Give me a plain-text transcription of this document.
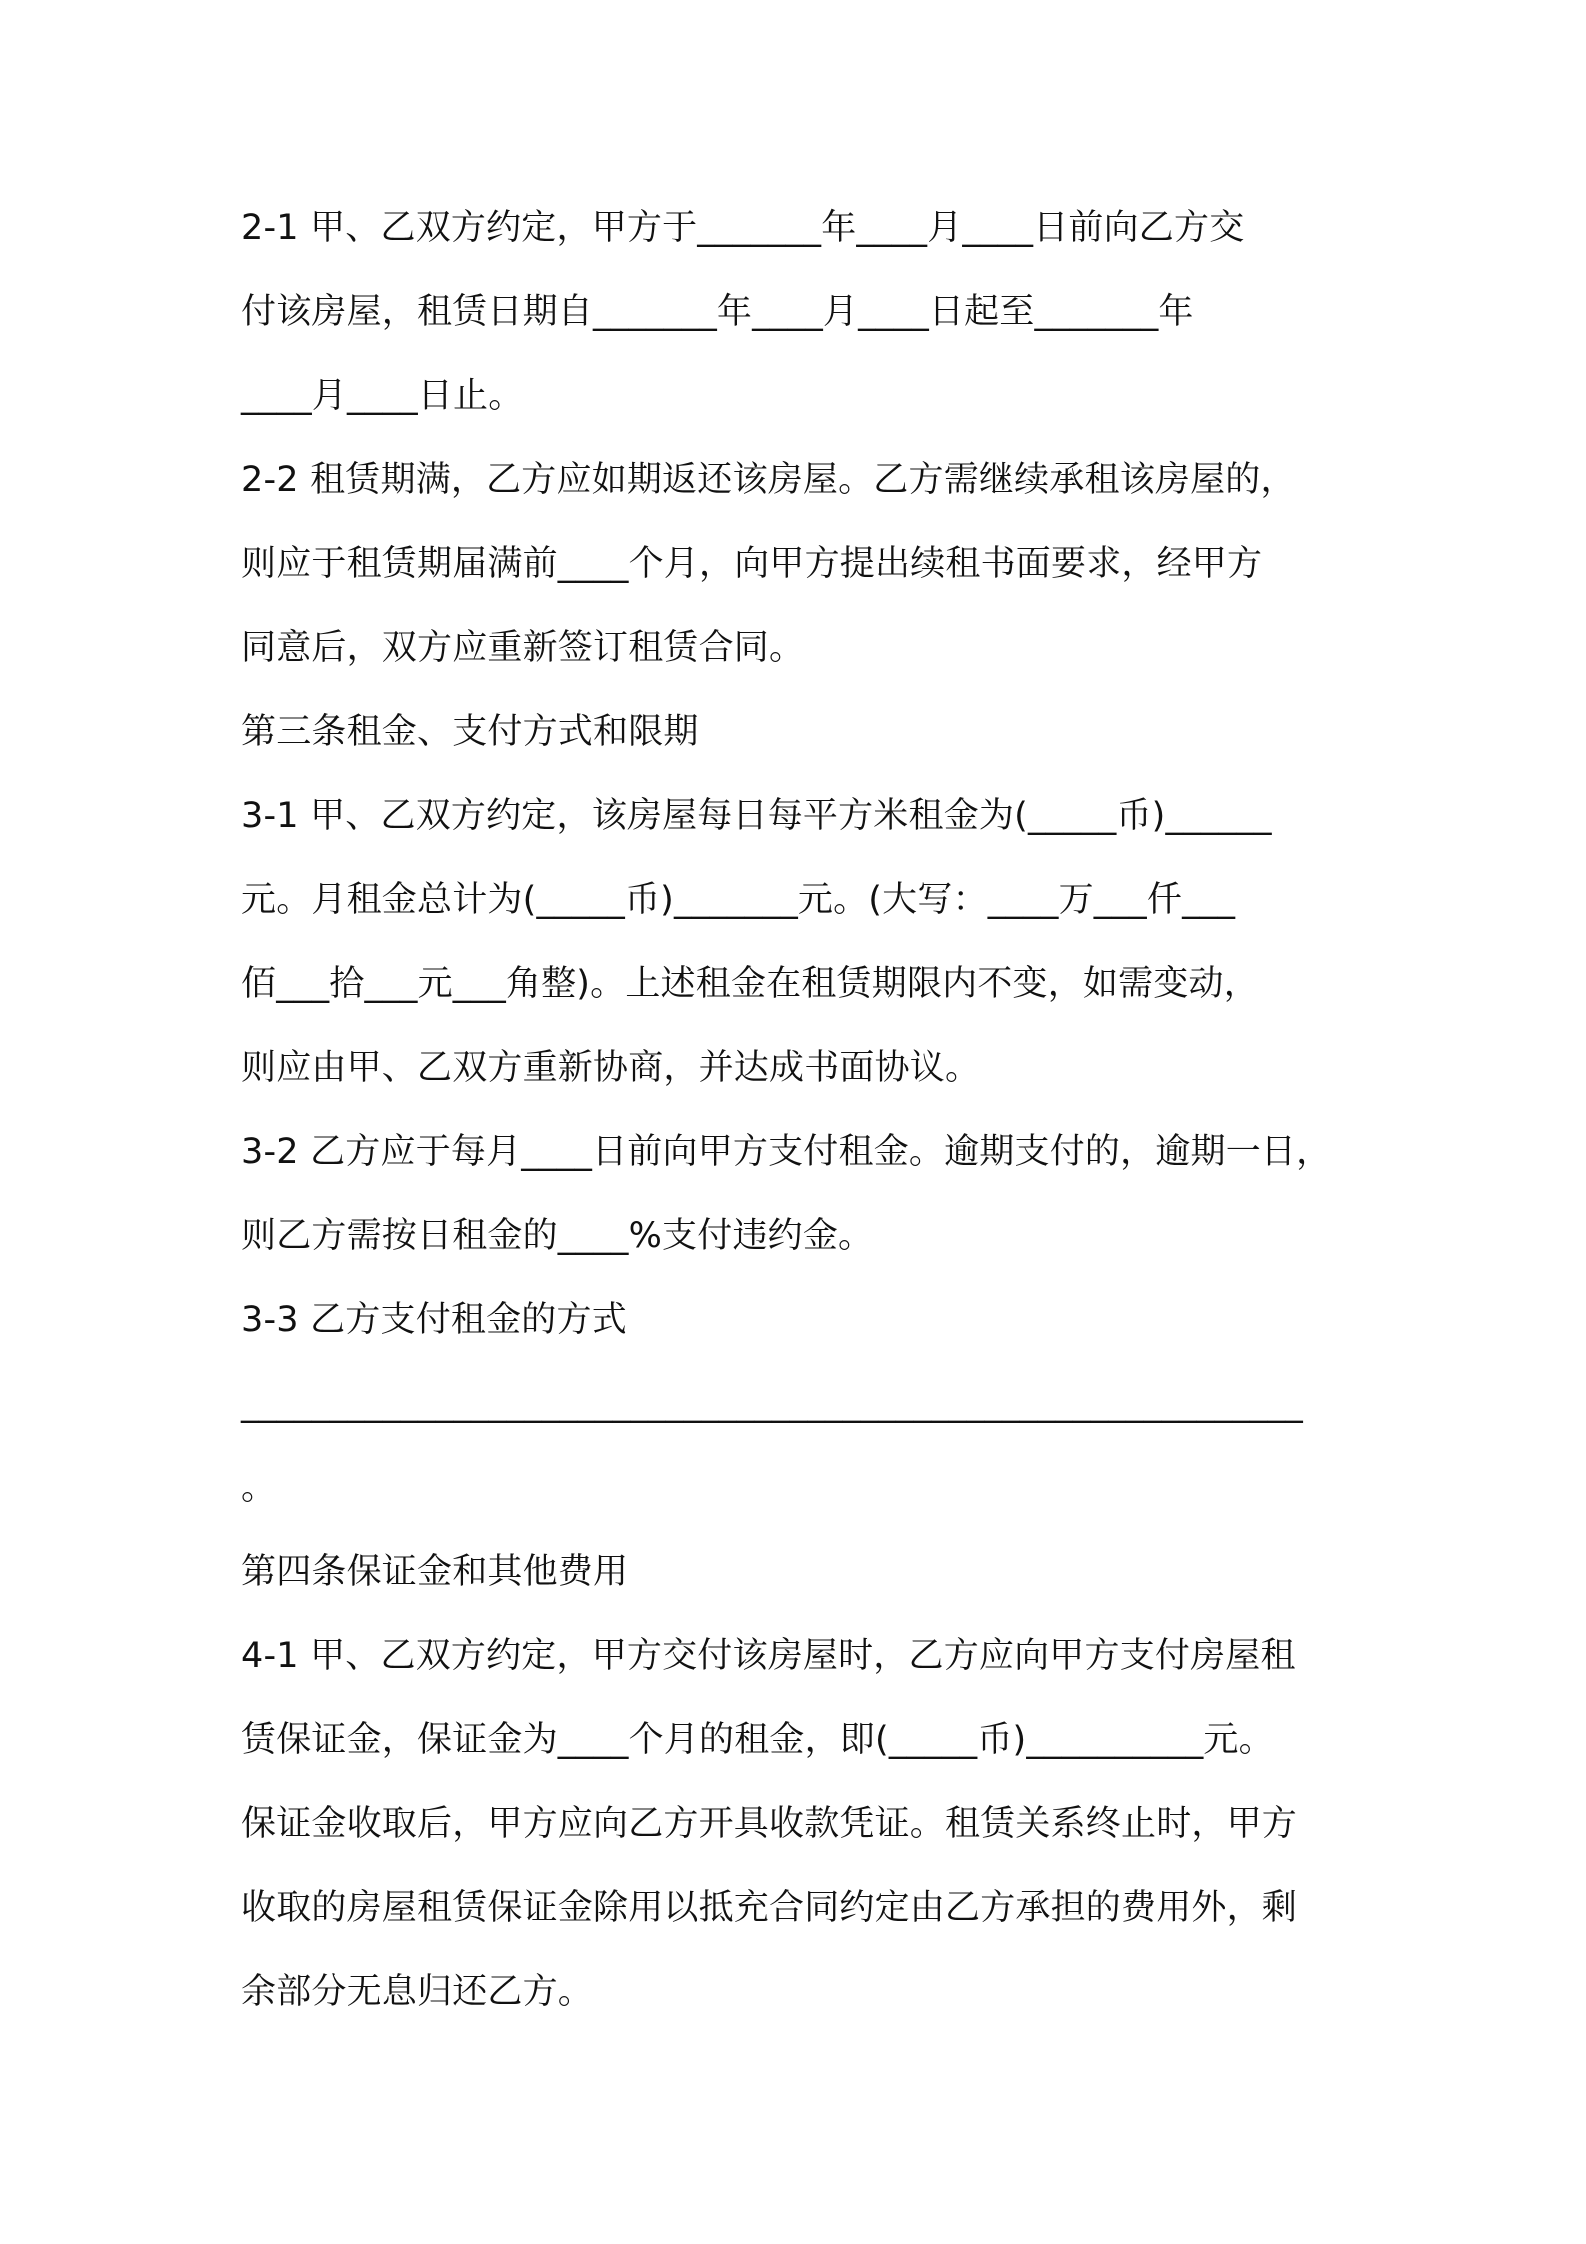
2-1 甲、乙双方约定，甲方于_______年____月____日前向乙方交
付该房屋，租赁日期自_______年____月____日起至_______年
____月____日止。
2-2 租赁期满，乙方应如期返还该房屋。乙方需继续承租该房屋的，
则应于租赁期届满前____个月，向甲方提出续租书面要求，经甲方
同意后，双方应重新签订租赁合同。
第三条租金、支付方式和限期
3-1 甲、乙双方约定，该房屋每日每平方米租金为(_____币)______
元。月租金总计为(_____币)_______元。(大写：____万___仟___
佰___拾___元___角整)。上述租金在租赁期限内不变，如需变动，
则应由甲、乙双方重新协商，并达成书面协议。
3-2 乙方应于每月____日前向甲方支付租金。逾期支付的，逾期一日，
则乙方需按日租金的____%支付违约金。
3-3 乙方支付租金的方式
____________________________________________________________
。
第四条保证金和其他费用
4-1 甲、乙双方约定，甲方交付该房屋时，乙方应向甲方支付房屋租
赁保证金，保证金为____个月的租金，即(_____币)__________元。
保证金收取后，甲方应向乙方开具收款凭证。租赁关系终止时，甲方
收取的房屋租赁保证金除用以抵充合同约定由乙方承担的费用外，剩
余部分无息归还乙方。
